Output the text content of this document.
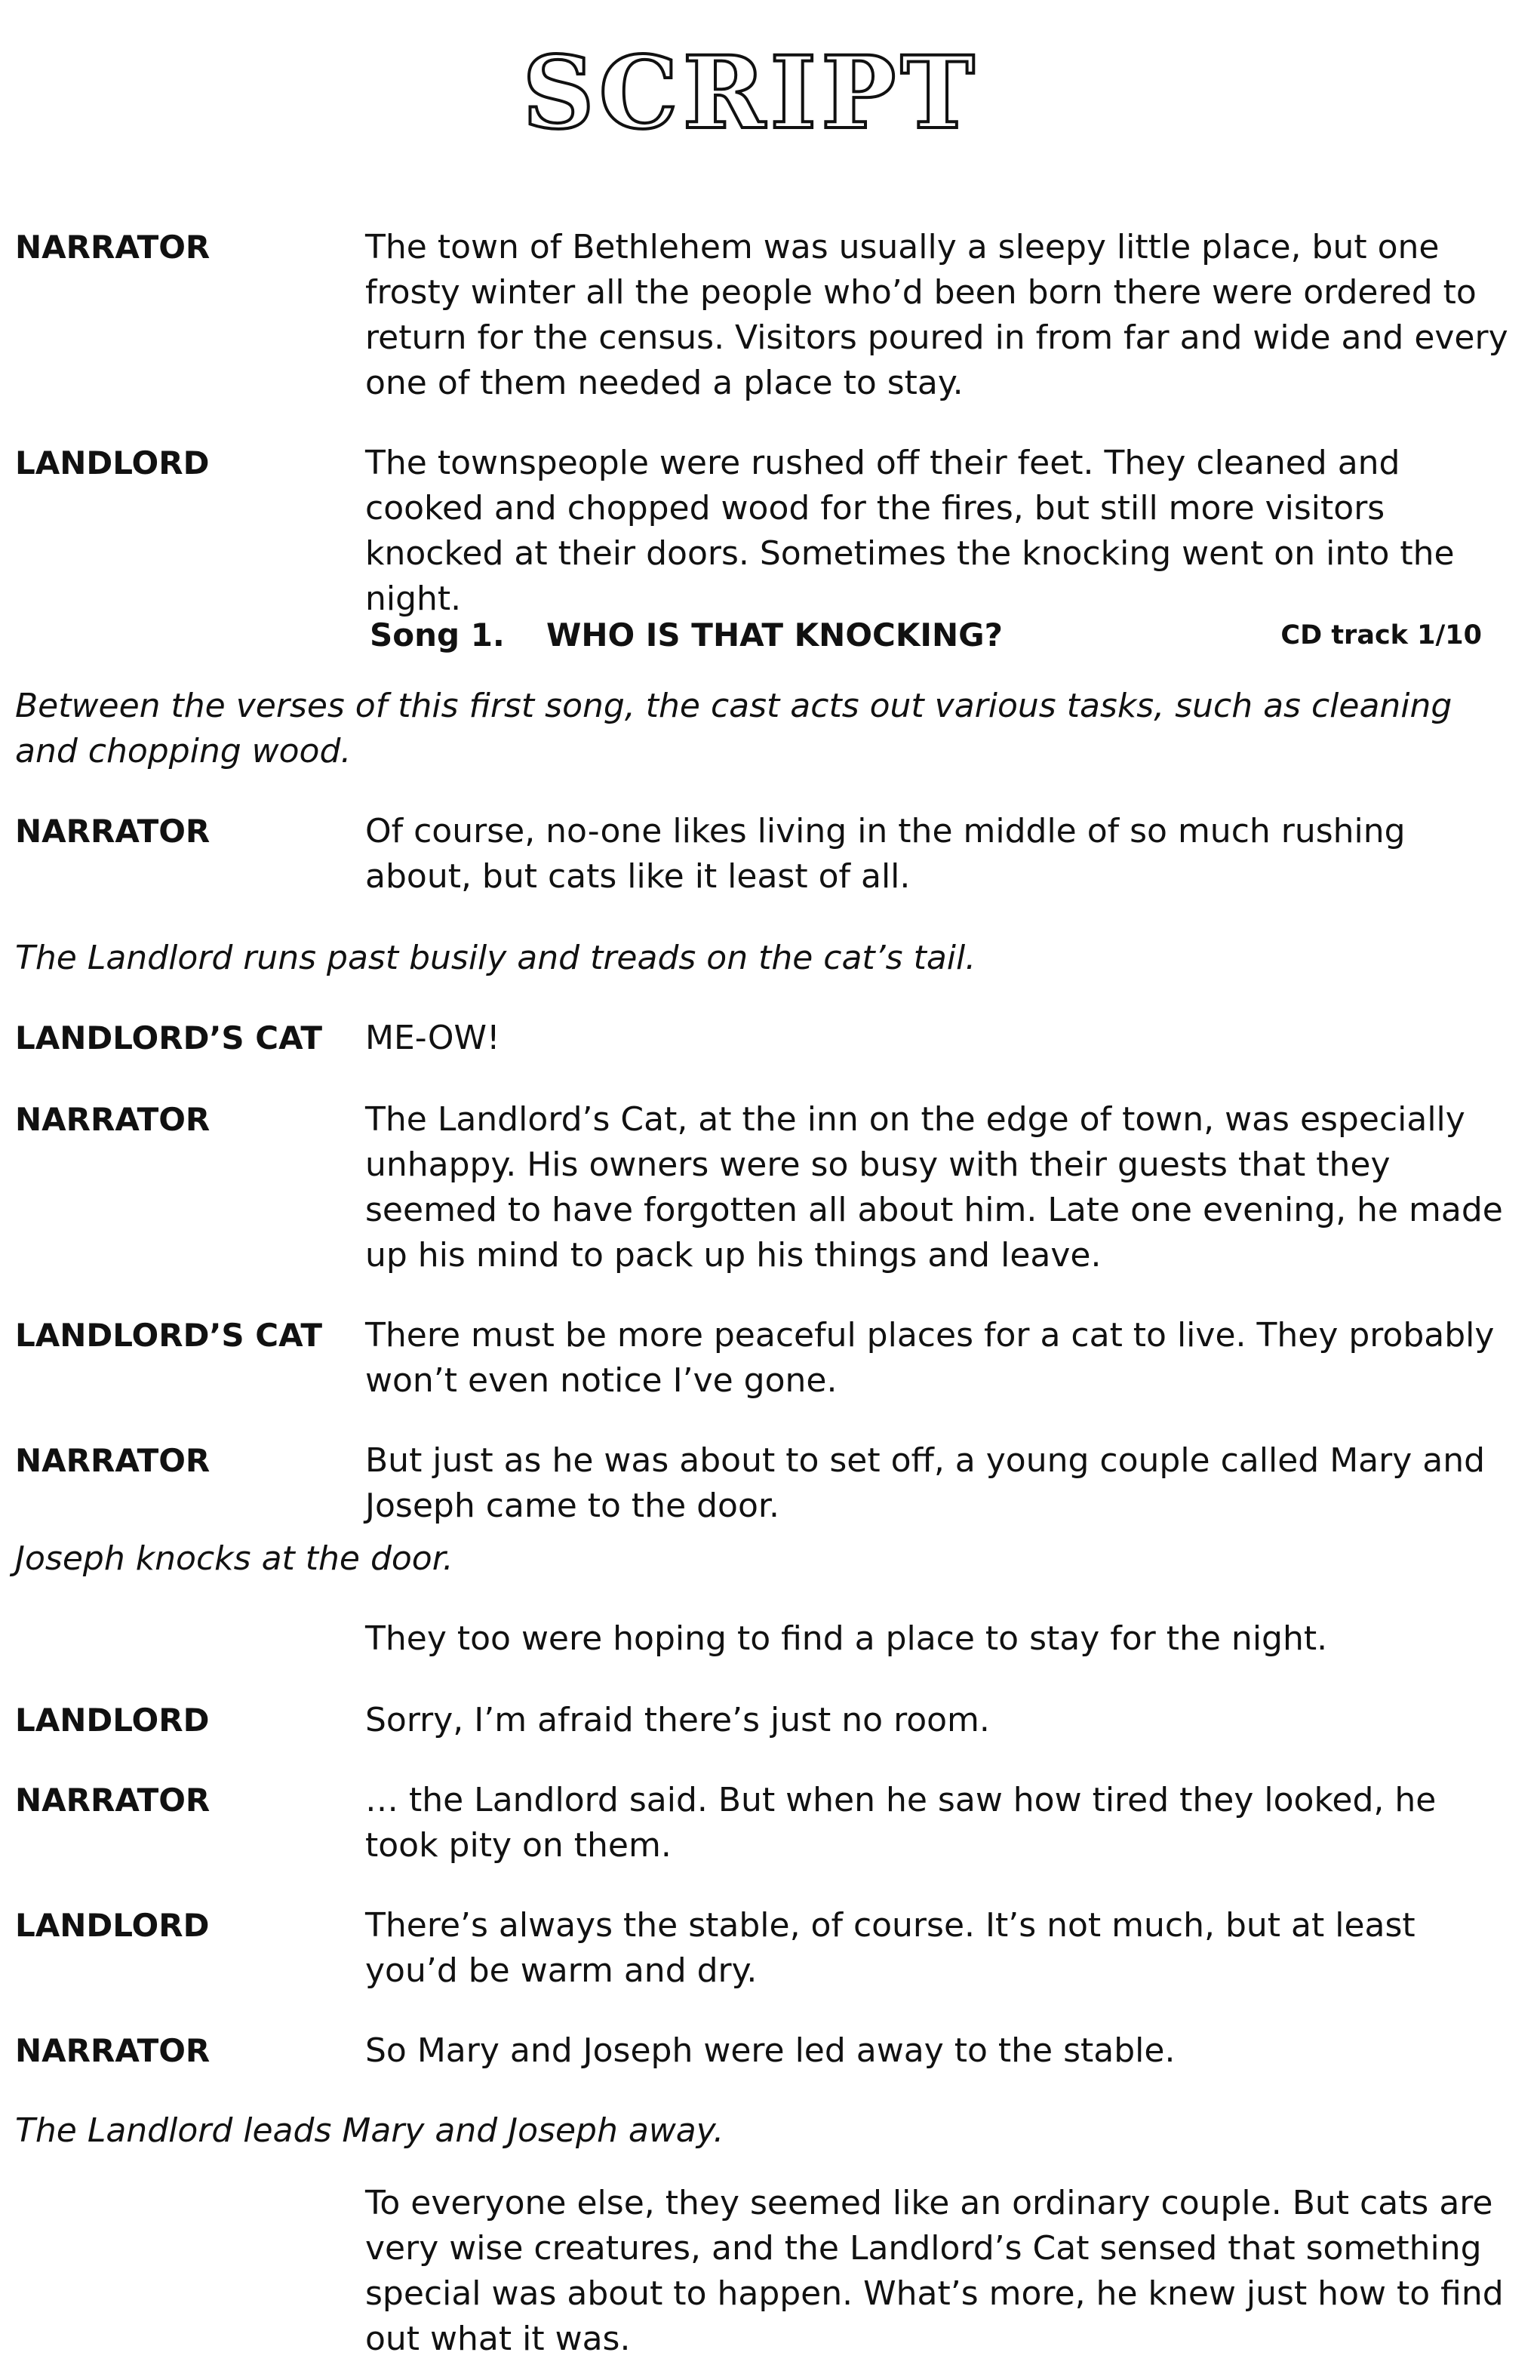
SCRIPT
NARRATOR	The town of Bethlehem was usually a sleepy little place, but one frosty winter all the people who’d been born there were ordered to return for the census. Visitors poured in from far and wide and every one of them needed a place to stay.
LANDLORD	The townspeople were rushed off their feet. They cleaned and cooked and chopped wood for the fires, but still more visitors knocked at their doors. Sometimes the knocking went on into the night.
Song 1. WHO IS THAT KNOCKING?	CD track 1/10
Between the verses of this first song, the cast acts out various tasks, such as cleaning and chopping wood.
NARRATOR	Of course, no-one likes living in the middle of so much rushing about, but cats like it least of all.
The Landlord runs past busily and treads on the cat’s tail.
LANDLORD’S CAT ME-OW!
NARRATOR	The Landlord’s Cat, at the inn on the edge of town, was especially unhappy. His owners were so busy with their guests that they seemed to have forgotten all about him. Late one evening, he made up his mind to pack up his things and leave.
LANDLORD’S CAT There must be more peaceful places for a cat to live. They probably won’t even notice I’ve gone.
NARRATOR	But just as he was about to set off, a young couple called Mary and Joseph came to the door.
Joseph knocks at the door.
They too were hoping to find a place to stay for the night.
LANDLORD	Sorry, I’m afraid there’s just no room.
NARRATOR	… the Landlord said. But when he saw how tired they looked, he took pity on them.
LANDLORD	There’s always the stable, of course. It’s not much, but at least you’d be warm and dry.
NARRATOR	So Mary and Joseph were led away to the stable.
The Landlord leads Mary and Joseph away.
To everyone else, they seemed like an ordinary couple. But cats are very wise creatures, and the Landlord’s Cat sensed that something special was about to happen. What’s more, he knew just how to find out what it was.
